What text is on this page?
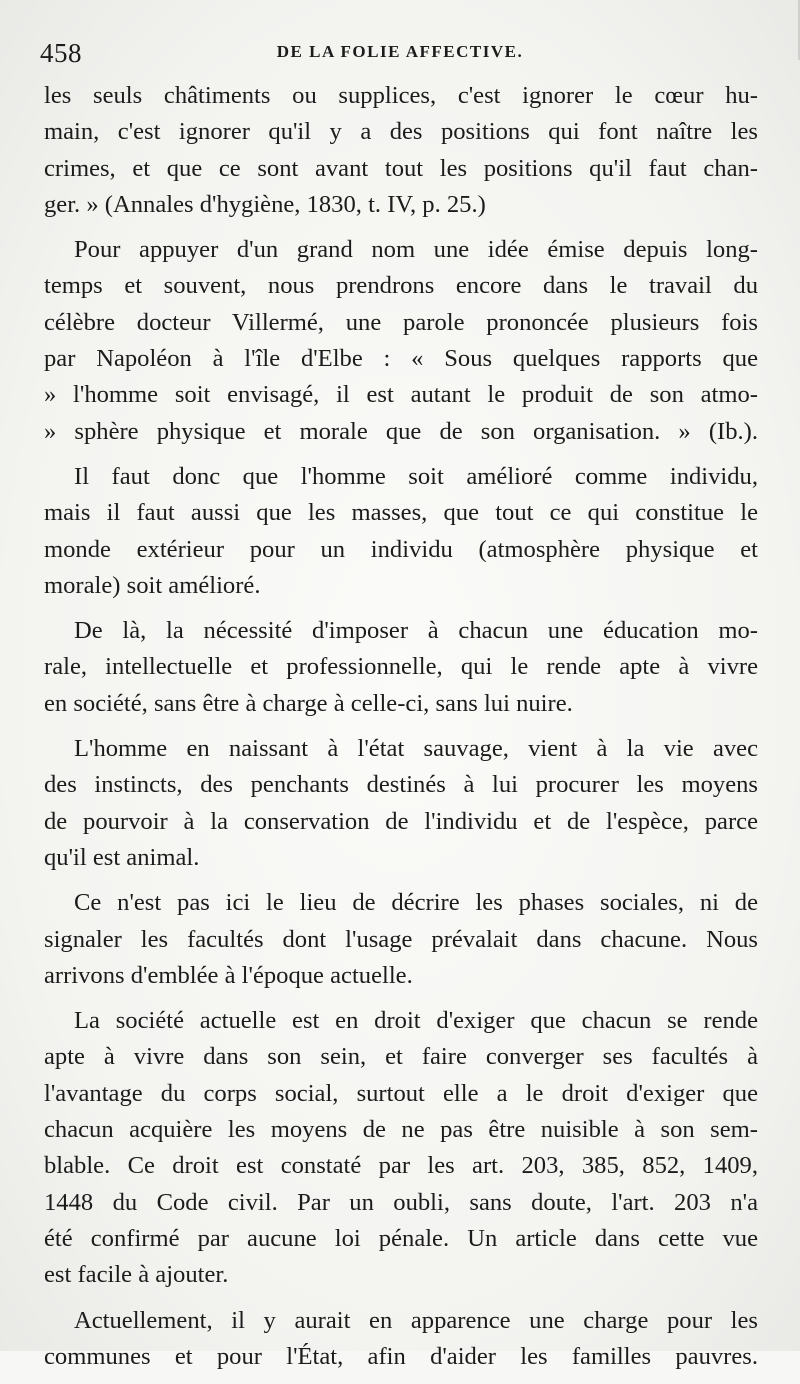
458	DE LA FOLIE AFFECTIVE.
les seuls châtiments ou supplices, c'est ignorer le cœur hu-
main, c'est ignorer qu'il y a des positions qui font naître les
crimes, et que ce sont avant tout les positions qu'il faut chan-
ger. » (Annales d'hygiène, 1830, t. IV, p. 25.)
Pour appuyer d'un grand nom une idée émise depuis long-
temps et souvent, nous prendrons encore dans le travail du
célèbre docteur Villermé, une parole prononcée plusieurs fois
par Napoléon à l'île d'Elbe : « Sous quelques rapports que
» l'homme soit envisagé, il est autant le produit de son atmo-
» sphère physique et morale que de son organisation. » (Ib.).
Il faut donc que l'homme soit amélioré comme individu,
mais il faut aussi que les masses, que tout ce qui constitue le
monde extérieur pour un individu (atmosphère physique et
morale) soit amélioré.
De là, la nécessité d'imposer à chacun une éducation mo-
rale, intellectuelle et professionnelle, qui le rende apte à vivre
en société, sans être à charge à celle-ci, sans lui nuire.
L'homme en naissant à l'état sauvage, vient à la vie avec
des instincts, des penchants destinés à lui procurer les moyens
de pourvoir à la conservation de l'individu et de l'espèce, parce
qu'il est animal.
Ce n'est pas ici le lieu de décrire les phases sociales, ni de
signaler les facultés dont l'usage prévalait dans chacune. Nous
arrivons d'emblée à l'époque actuelle.
La société actuelle est en droit d'exiger que chacun se rende
apte à vivre dans son sein, et faire converger ses facultés à
l'avantage du corps social, surtout elle a le droit d'exiger que
chacun acquière les moyens de ne pas être nuisible à son sem-
blable. Ce droit est constaté par les art. 203, 385, 852, 1409,
1448 du Code civil. Par un oubli, sans doute, l'art. 203 n'a
été confirmé par aucune loi pénale. Un article dans cette vue
est facile à ajouter.
Actuellement, il y aurait en apparence une charge pour les
communes et pour l'État, afin d'aider les familles pauvres.
